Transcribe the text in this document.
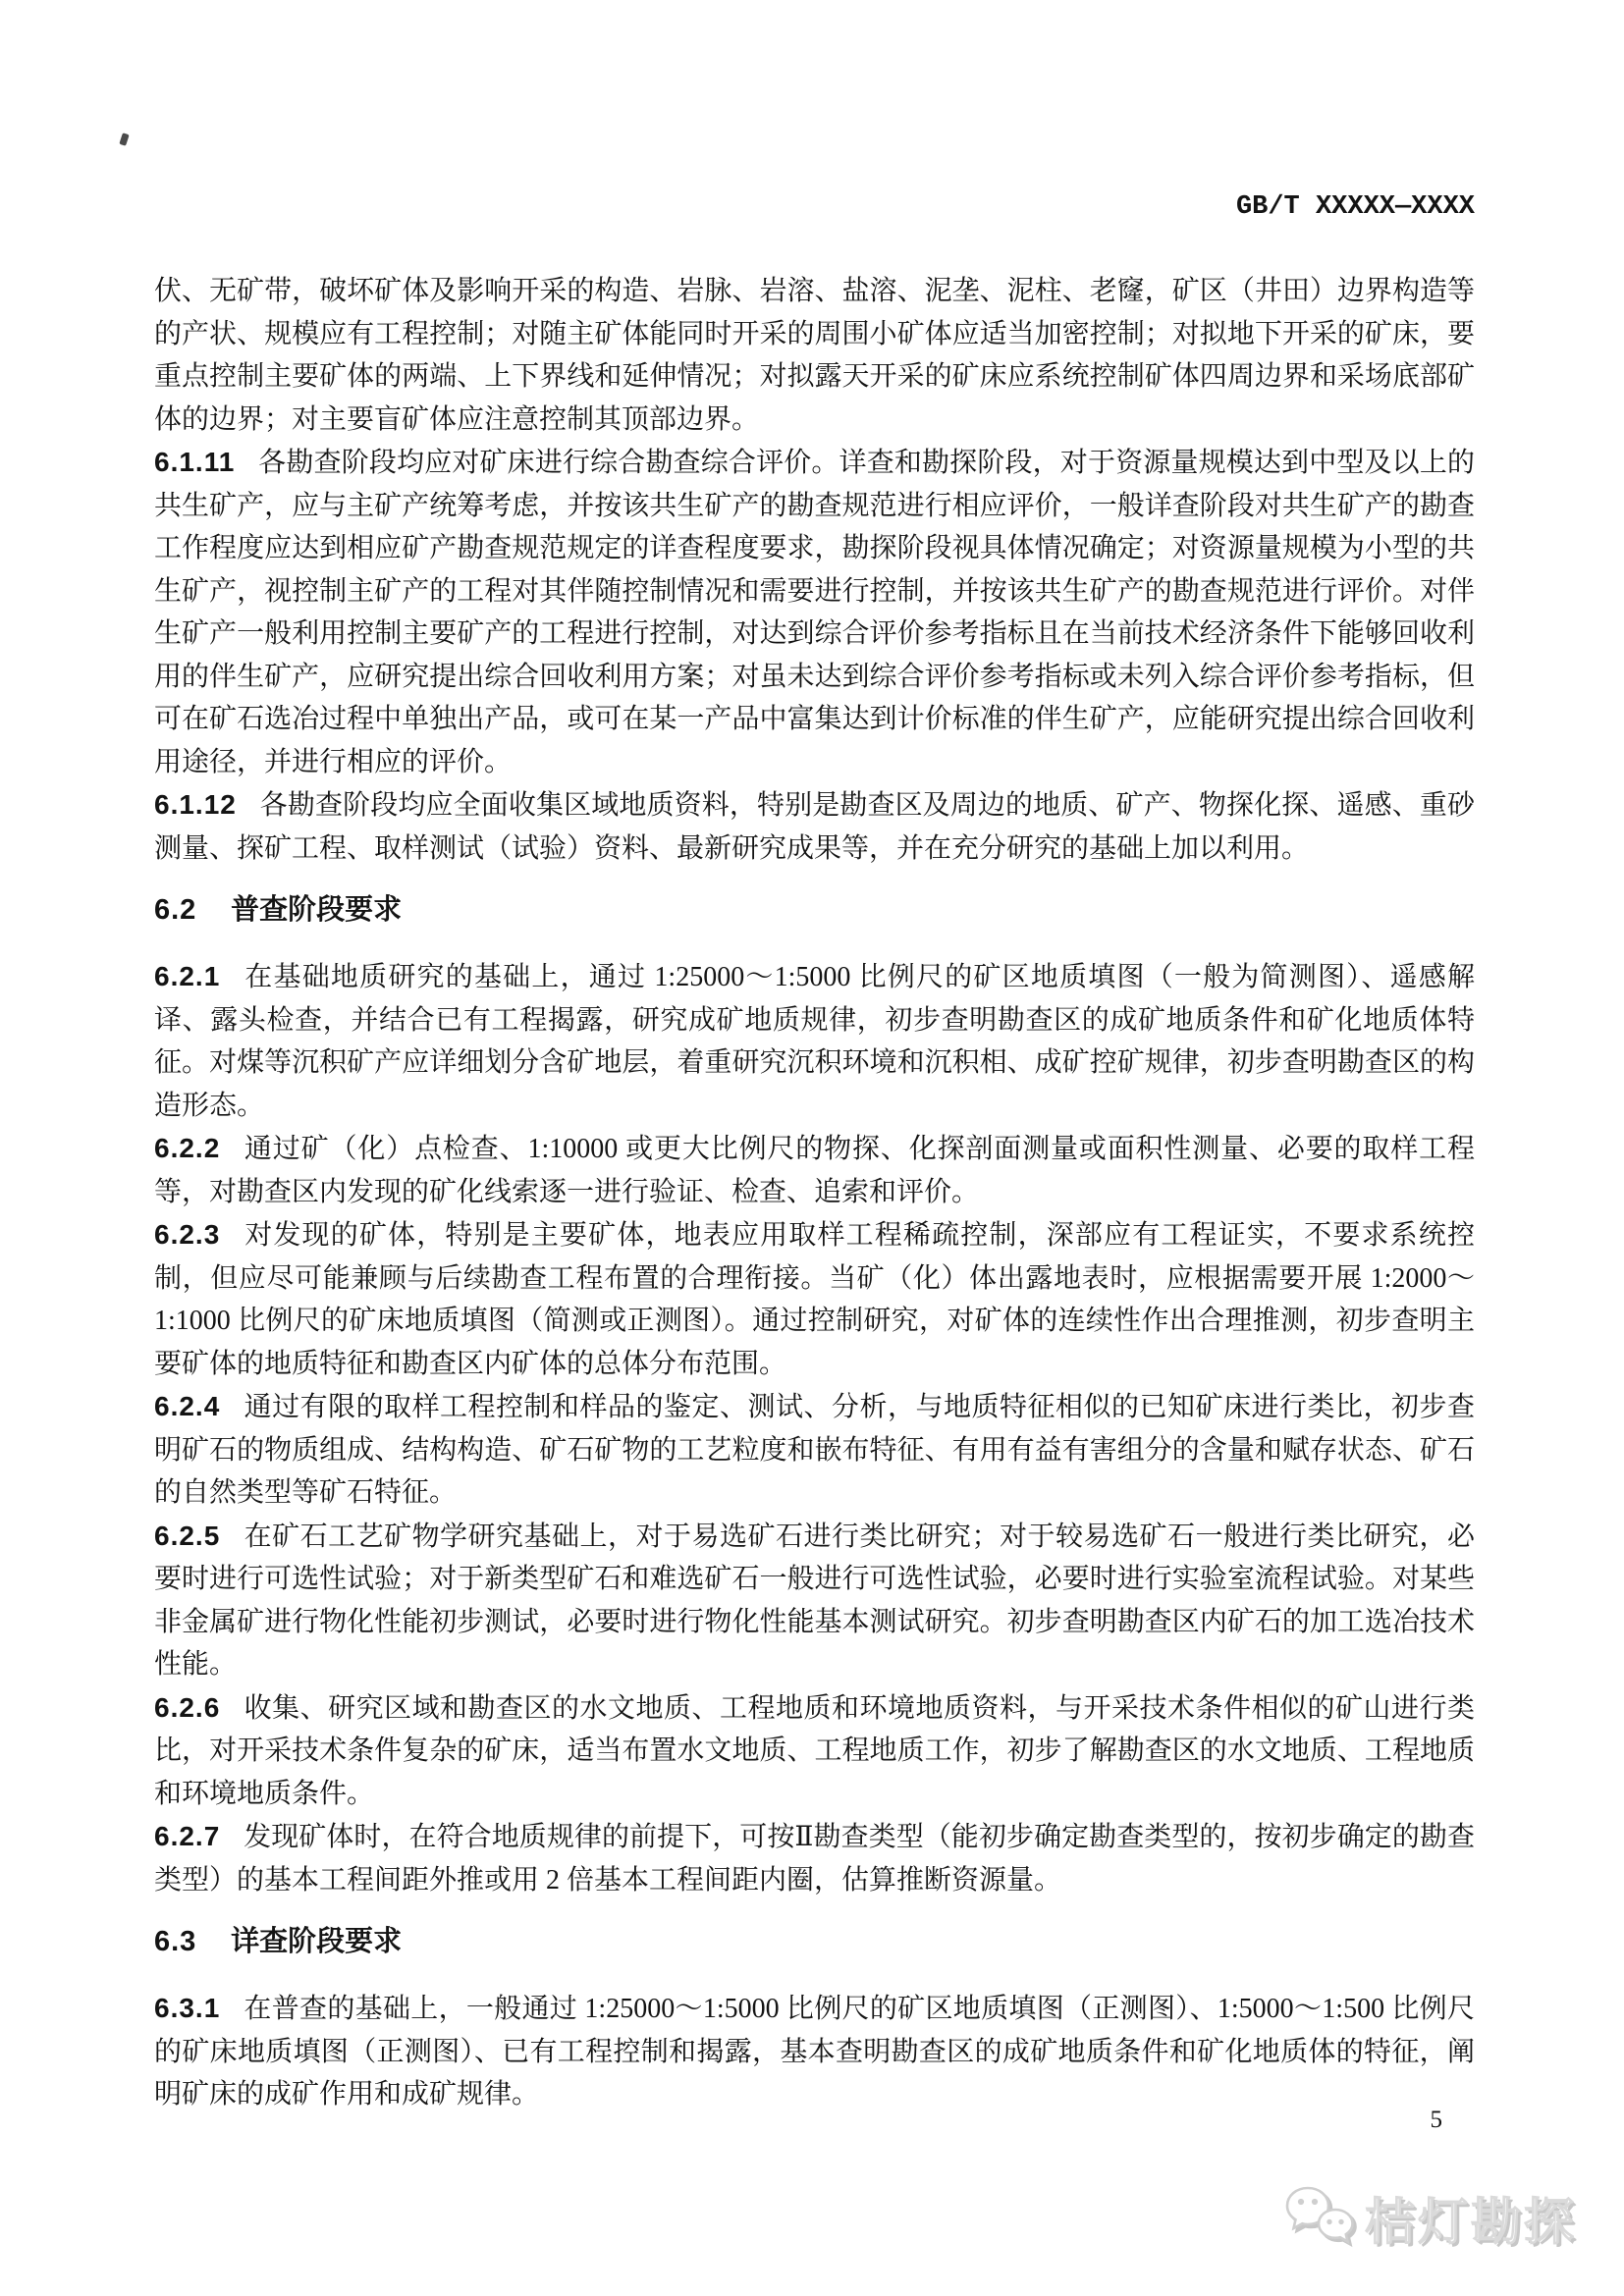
GB/T XXXXX—XXXX

伏、无矿带，破坏矿体及影响开采的构造、岩脉、岩溶、盐溶、泥垄、泥柱、老窿，矿区（井田）边界构造等的产状、规模应有工程控制；对随主矿体能同时开采的周围小矿体应适当加密控制；对拟地下开采的矿床，要重点控制主要矿体的两端、上下界线和延伸情况；对拟露天开采的矿床应系统控制矿体四周边界和采场底部矿体的边界；对主要盲矿体应注意控制其顶部边界。

6.1.11 各勘查阶段均应对矿床进行综合勘查综合评价。详查和勘探阶段，对于资源量规模达到中型及以上的共生矿产，应与主矿产统筹考虑，并按该共生矿产的勘查规范进行相应评价，一般详查阶段对共生矿产的勘查工作程度应达到相应矿产勘查规范规定的详查程度要求，勘探阶段视具体情况确定；对资源量规模为小型的共生矿产，视控制主矿产的工程对其伴随控制情况和需要进行控制，并按该共生矿产的勘查规范进行评价。对伴生矿产一般利用控制主要矿产的工程进行控制，对达到综合评价参考指标且在当前技术经济条件下能够回收利用的伴生矿产，应研究提出综合回收利用方案；对虽未达到综合评价参考指标或未列入综合评价参考指标，但可在矿石选冶过程中单独出产品，或可在某一产品中富集达到计价标准的伴生矿产，应能研究提出综合回收利用途径，并进行相应的评价。

6.1.12 各勘查阶段均应全面收集区域地质资料，特别是勘查区及周边的地质、矿产、物探化探、遥感、重砂测量、探矿工程、取样测试（试验）资料、最新研究成果等，并在充分研究的基础上加以利用。

6.2 普查阶段要求

6.2.1 在基础地质研究的基础上，通过 1:25000～1:5000 比例尺的矿区地质填图（一般为简测图）、遥感解译、露头检查，并结合已有工程揭露，研究成矿地质规律，初步查明勘查区的成矿地质条件和矿化地质体特征。对煤等沉积矿产应详细划分含矿地层，着重研究沉积环境和沉积相、成矿控矿规律，初步查明勘查区的构造形态。

6.2.2 通过矿（化）点检查、1:10000 或更大比例尺的物探、化探剖面测量或面积性测量、必要的取样工程等，对勘查区内发现的矿化线索逐一进行验证、检查、追索和评价。

6.2.3 对发现的矿体，特别是主要矿体，地表应用取样工程稀疏控制，深部应有工程证实，不要求系统控制，但应尽可能兼顾与后续勘查工程布置的合理衔接。当矿（化）体出露地表时，应根据需要开展 1:2000～1:1000 比例尺的矿床地质填图（简测或正测图）。通过控制研究，对矿体的连续性作出合理推测，初步查明主要矿体的地质特征和勘查区内矿体的总体分布范围。

6.2.4 通过有限的取样工程控制和样品的鉴定、测试、分析，与地质特征相似的已知矿床进行类比，初步查明矿石的物质组成、结构构造、矿石矿物的工艺粒度和嵌布特征、有用有益有害组分的含量和赋存状态、矿石的自然类型等矿石特征。

6.2.5 在矿石工艺矿物学研究基础上，对于易选矿石进行类比研究；对于较易选矿石一般进行类比研究，必要时进行可选性试验；对于新类型矿石和难选矿石一般进行可选性试验，必要时进行实验室流程试验。对某些非金属矿进行物化性能初步测试，必要时进行物化性能基本测试研究。初步查明勘查区内矿石的加工选冶技术性能。

6.2.6 收集、研究区域和勘查区的水文地质、工程地质和环境地质资料，与开采技术条件相似的矿山进行类比，对开采技术条件复杂的矿床，适当布置水文地质、工程地质工作，初步了解勘查区的水文地质、工程地质和环境地质条件。

6.2.7 发现矿体时，在符合地质规律的前提下，可按Ⅱ勘查类型（能初步确定勘查类型的，按初步确定的勘查类型）的基本工程间距外推或用 2 倍基本工程间距内圈，估算推断资源量。

6.3 详查阶段要求

6.3.1 在普查的基础上，一般通过 1:25000～1:5000 比例尺的矿区地质填图（正测图）、1:5000～1:500 比例尺的矿床地质填图（正测图）、已有工程控制和揭露，基本查明勘查区的成矿地质条件和矿化地质体的特征，阐明矿床的成矿作用和成矿规律。

5
桔灯勘探
